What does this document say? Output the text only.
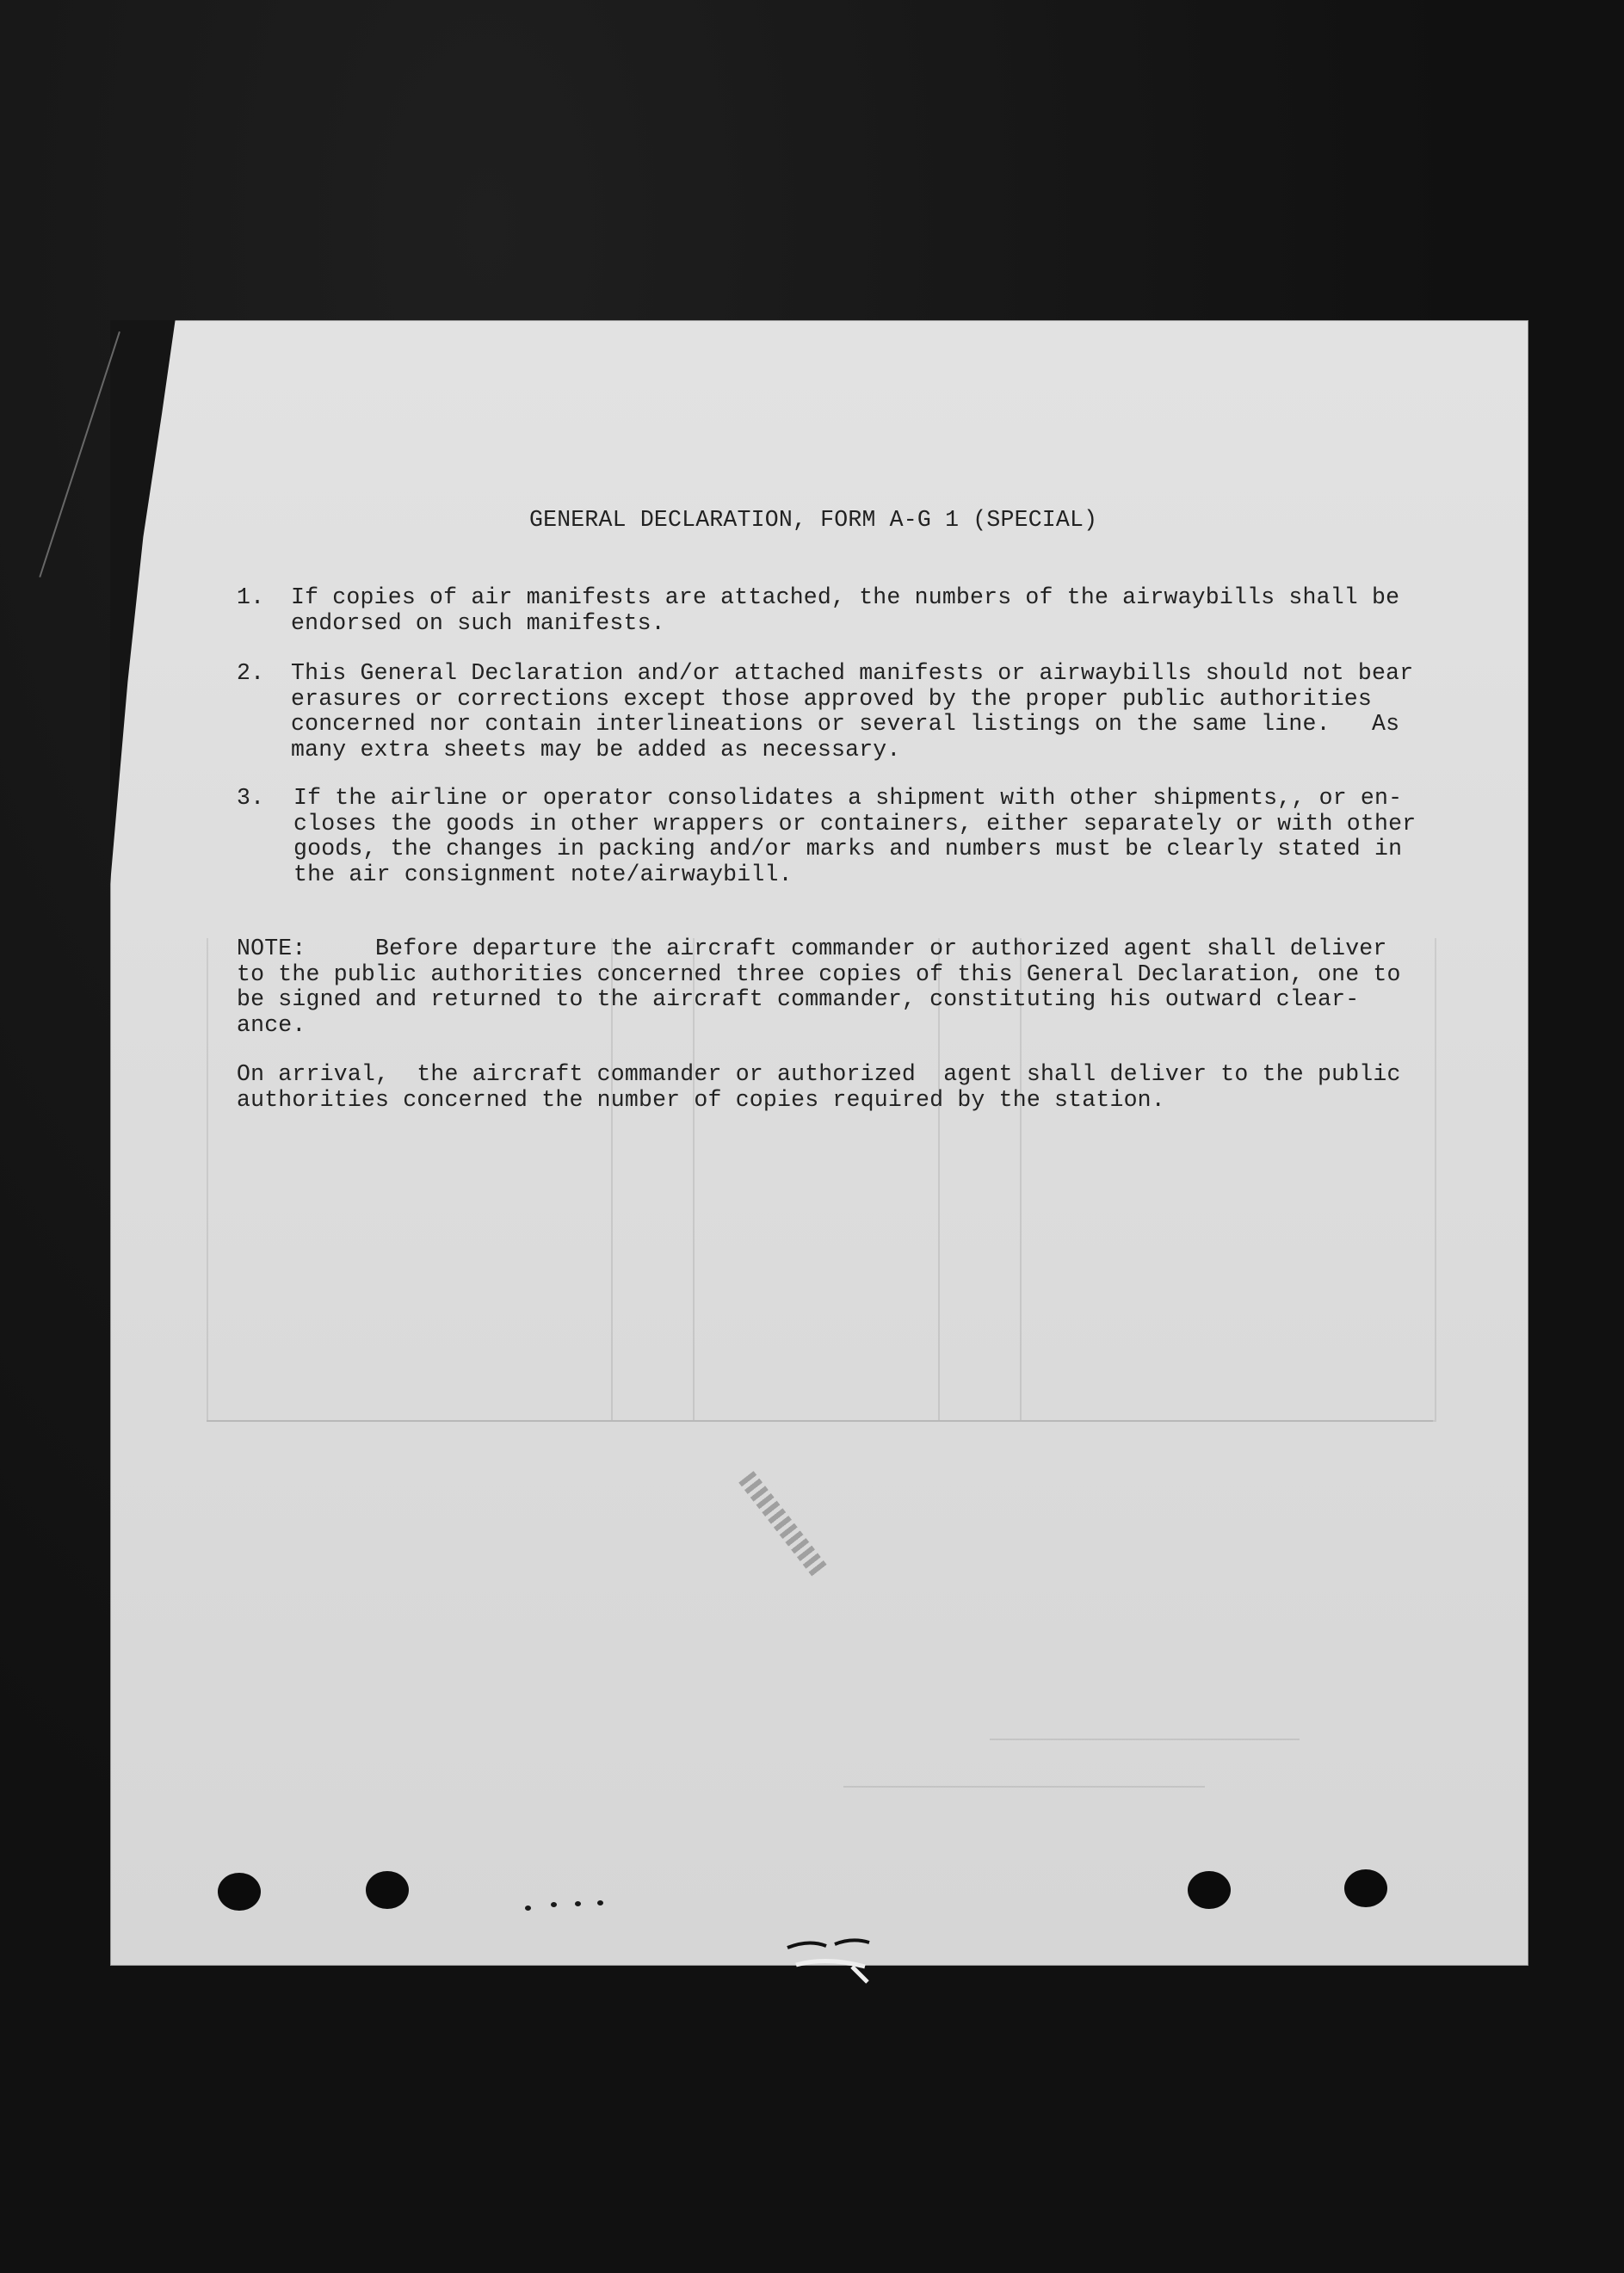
GENERAL DECLARATION, FORM A-G 1 (SPECIAL)
1.	If copies of air manifests are attached, the numbers of the airwaybills shall be
endorsed on such manifests.
2.	This General Declaration and/or attached manifests or airwaybills should not bear
erasures or corrections except those approved by the proper public authorities
concerned nor contain interlineations or several listings on the same line.   As
many extra sheets may be added as necessary.
3.	If the airline or operator consolidates a shipment with other shipments,, or en-
closes the goods in other wrappers or containers, either separately or with other
goods, the changes in packing and/or marks and numbers must be clearly stated in
the air consignment note/airwaybill.
NOTE:     Before departure the aircraft commander or authorized agent shall deliver
to the public authorities concerned three copies of this General Declaration, one to
be signed and returned to the aircraft commander, constituting his outward clear-
ance.
On arrival,  the aircraft commander or authorized  agent shall deliver to the public
authorities concerned the number of copies required by the station.
